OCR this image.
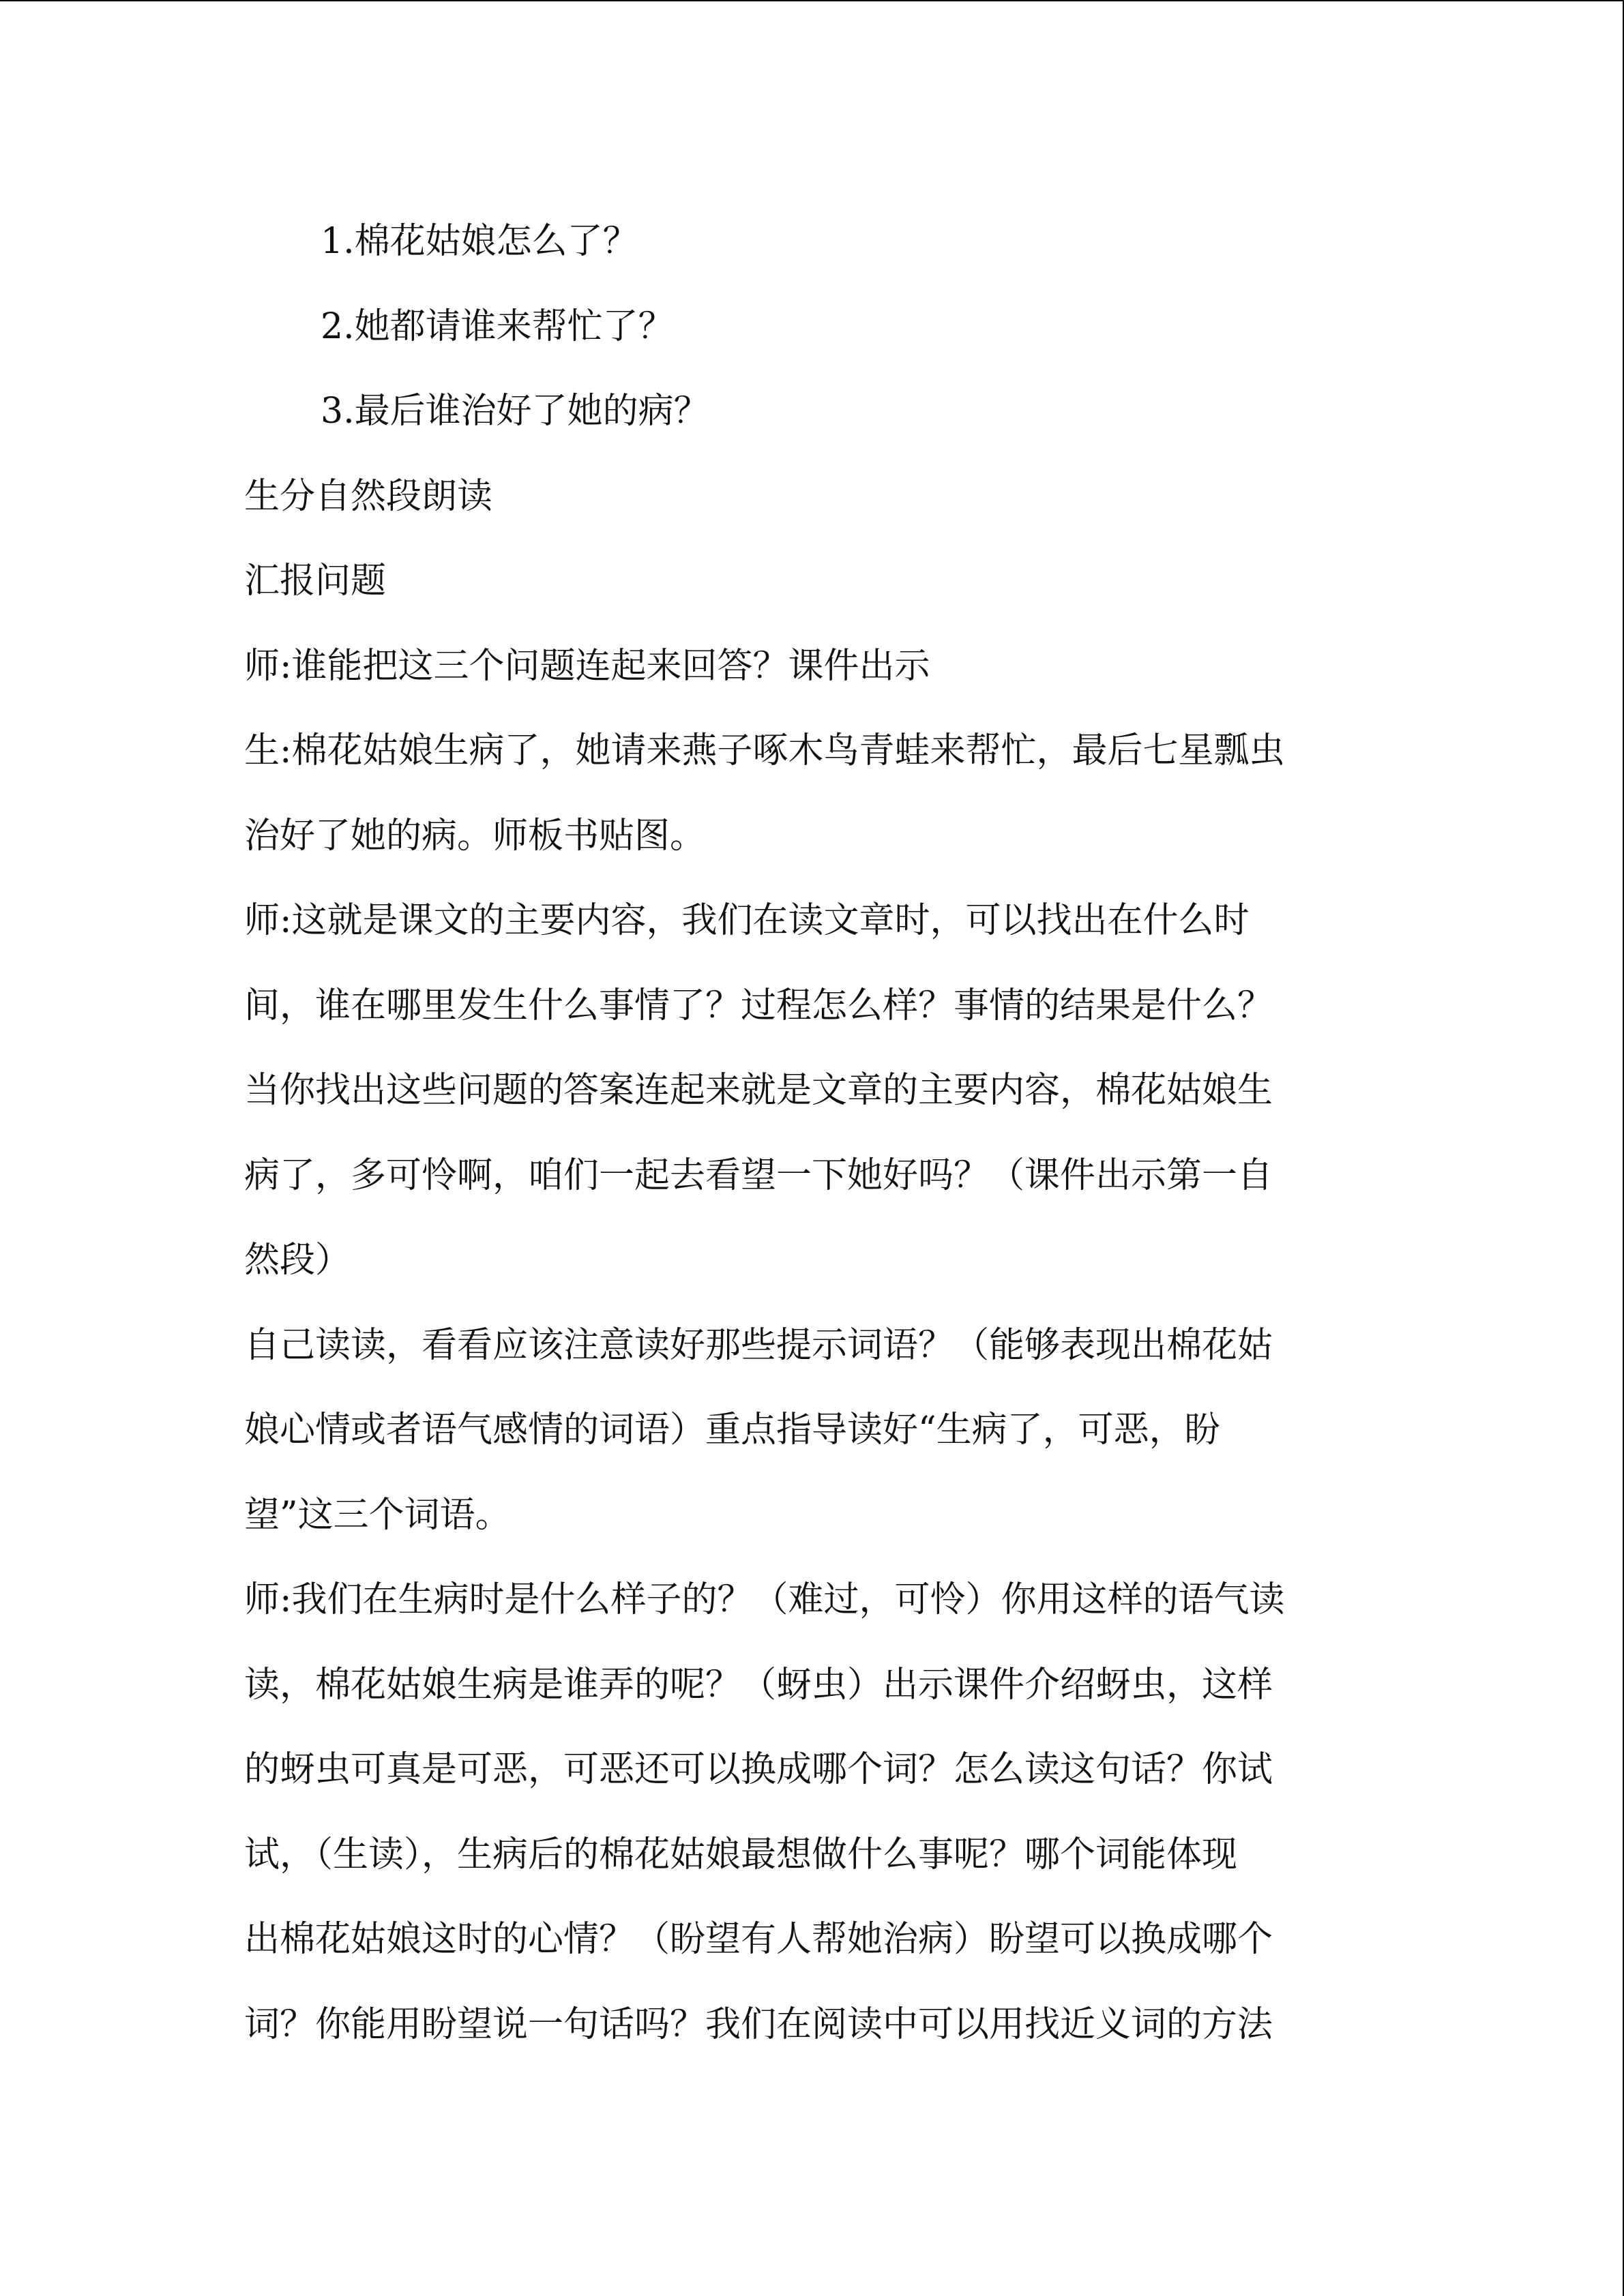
1.棉花姑娘怎么了？

2.她都请谁来帮忙了？

3.最后谁治好了她的病？

生分自然段朗读

汇报问题

师:谁能把这三个问题连起来回答？课件出示

生:棉花姑娘生病了，她请来燕子啄木鸟青蛙来帮忙，最后七星瓢虫

治好了她的病。师板书贴图。

师:这就是课文的主要内容，我们在读文章时，可以找出在什么时

间，谁在哪里发生什么事情了？过程怎么样？事情的结果是什么？

当你找出这些问题的答案连起来就是文章的主要内容，棉花姑娘生

病了，多可怜啊，咱们一起去看望一下她好吗？（课件出示第一自

然段）

自己读读，看看应该注意读好那些提示词语？（能够表现出棉花姑

娘心情或者语气感情的词语）重点指导读好“生病了，可恶，盼

望”这三个词语。

师:我们在生病时是什么样子的？（难过，可怜）你用这样的语气读

读，棉花姑娘生病是谁弄的呢？（蚜虫）出示课件介绍蚜虫，这样

的蚜虫可真是可恶，可恶还可以换成哪个词？怎么读这句话？你试

试，（生读），生病后的棉花姑娘最想做什么事呢？哪个词能体现

出棉花姑娘这时的心情？（盼望有人帮她治病）盼望可以换成哪个

词？你能用盼望说一句话吗？我们在阅读中可以用找近义词的方法
